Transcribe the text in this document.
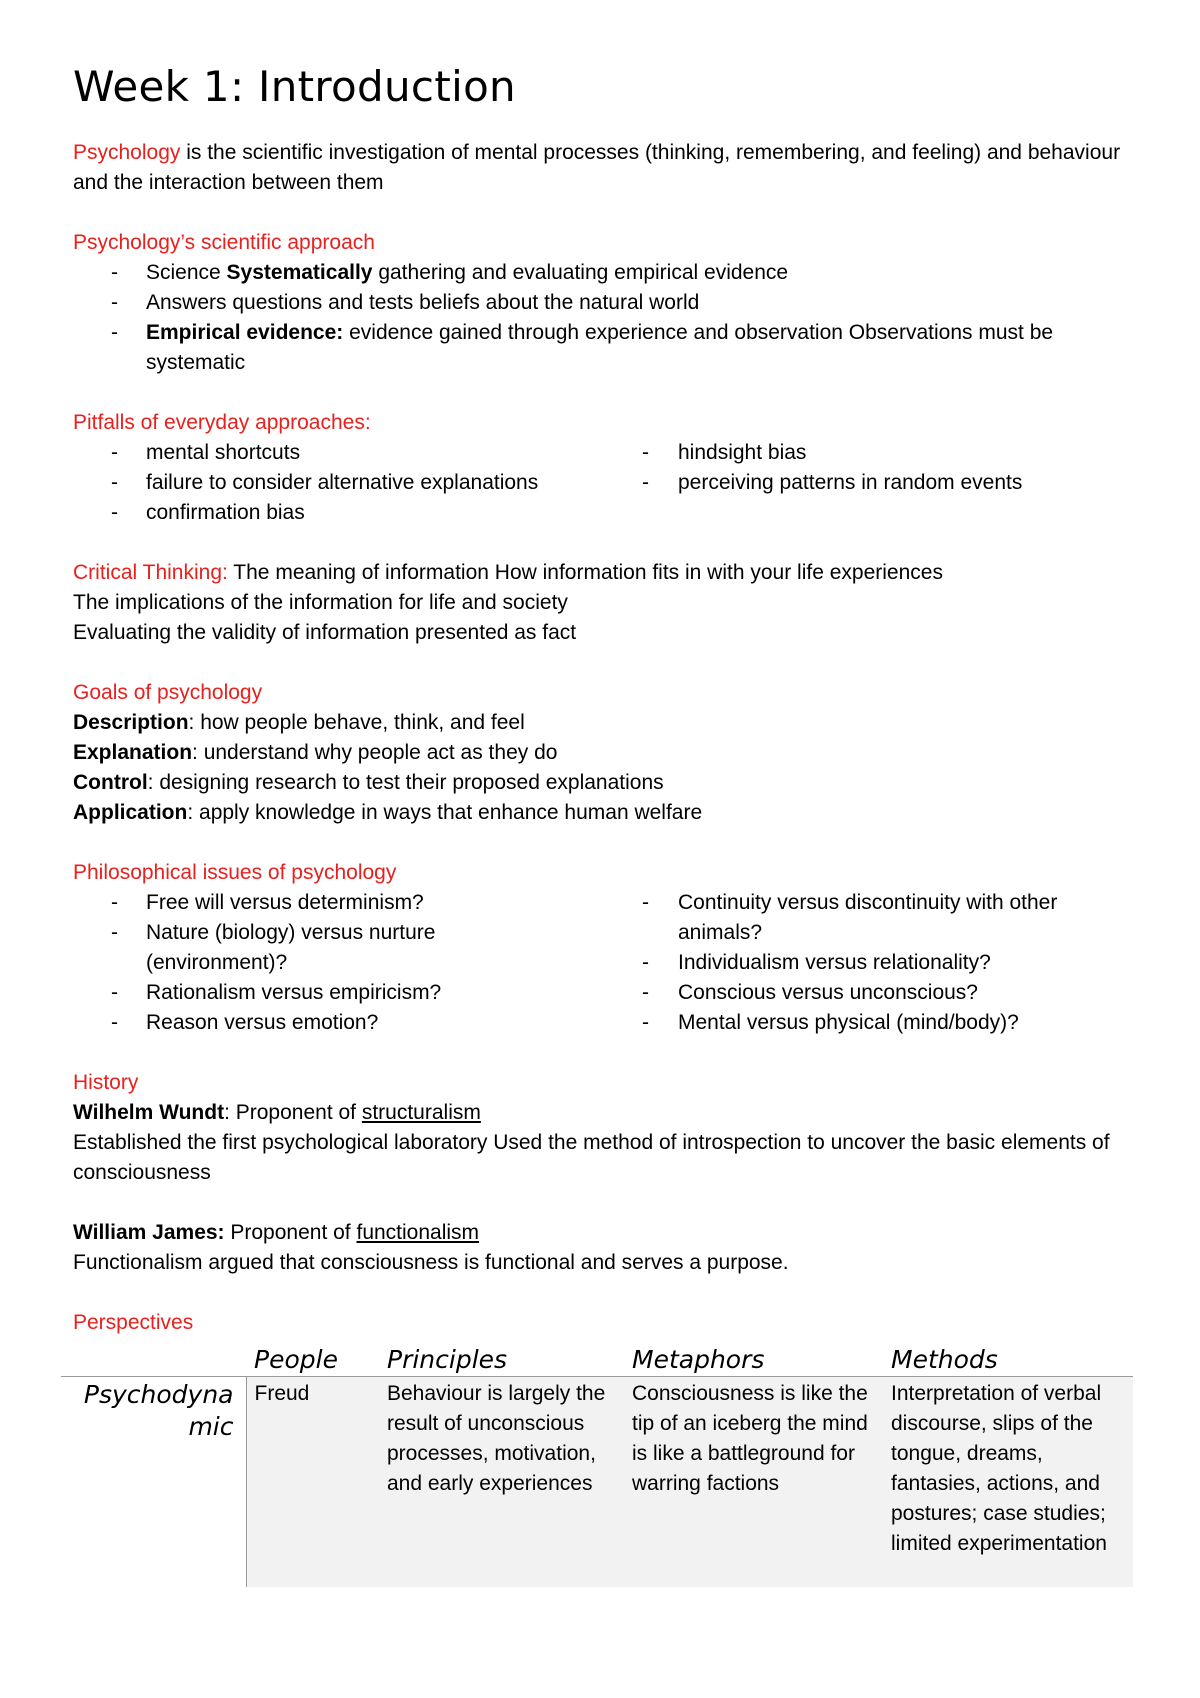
Week 1: Introduction

Psychology is the scientific investigation of mental processes (thinking, remembering, and feeling) and behaviour and the interaction between them

Psychology’s scientific approach
- Science Systematically gathering and evaluating empirical evidence
- Answers questions and tests beliefs about the natural world
- Empirical evidence: evidence gained through experience and observation Observations must be systematic
Pitfalls of everyday approaches:
- mental shortcuts
- failure to consider alternative explanations
- confirmation bias
- hindsight bias
- perceiving patterns in random events

Critical Thinking: The meaning of information How information fits in with your life experiences

The implications of the information for life and society

Evaluating the validity of information presented as fact

Goals of psychology

Description: how people behave, think, and feel

Explanation: understand why people act as they do

Control: designing research to test their proposed explanations

Application: apply knowledge in ways that enhance human welfare

Philosophical issues of psychology
- Free will versus determinism?
- Nature (biology) versus nurture (environment)?
- Rationalism versus empiricism?
- Reason versus emotion?
- Continuity versus discontinuity with other animals?
- Individualism versus relationality?
- Conscious versus unconscious?
- Mental versus physical (mind/body)?
History

Wilhelm Wundt: Proponent of structuralism

Established the first psychological laboratory Used the method of introspection to uncover the basic elements of consciousness

William James: Proponent of functionalism

Functionalism argued that consciousness is functional and serves a purpose.

Perspectives
	People	Principles	Metaphors	Methods
Psychodynamic	Freud	Behaviour is largely the result of unconscious processes, motivation, and early experiences	Consciousness is like the tip of an iceberg the mind is like a battleground for warring factions	Interpretation of verbal discourse, slips of the tongue, dreams, fantasies, actions, and postures; case studies; limited experimentation
